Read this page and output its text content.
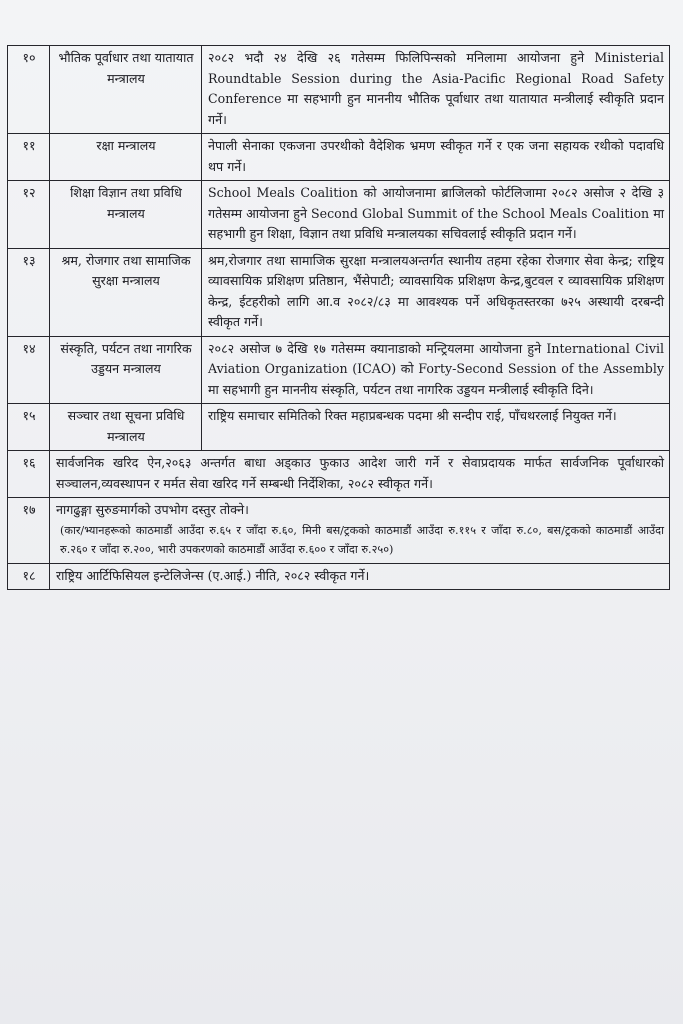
१०	भौतिक पूर्वाधार तथा यातायात मन्त्रालय	२०८२ भदौ २४ देखि २६ गतेसम्म फिलिपिन्सको मनिलामा आयोजना हुने Ministerial Roundtable Session during the Asia-Pacific Regional Road Safety Conference मा सहभागी हुन माननीय भौतिक पूर्वाधार तथा यातायात मन्त्रीलाई स्वीकृति प्रदान गर्ने।
११	रक्षा मन्त्रालय	नेपाली सेनाका एकजना उपरथीको वैदेशिक भ्रमण स्वीकृत गर्ने र एक जना सहायक रथीको पदावधि थप गर्ने।
१२	शिक्षा विज्ञान तथा प्रविधि मन्त्रालय	School Meals Coalition को आयोजनामा ब्राजिलको फोर्टलिजामा २०८२ असोज २ देखि ३ गतेसम्म आयोजना हुने Second Global Summit of the School Meals Coalition मा सहभागी हुन शिक्षा, विज्ञान तथा प्रविधि मन्त्रालयका सचिवलाई स्वीकृति प्रदान गर्ने।
१३	श्रम, रोजगार तथा सामाजिक सुरक्षा मन्त्रालय	श्रम,रोजगार तथा सामाजिक सुरक्षा मन्त्रालयअन्तर्गत स्थानीय तहमा रहेका रोजगार सेवा केन्द्र; राष्ट्रिय व्यावसायिक प्रशिक्षण प्रतिष्ठान, भैंसेपाटी; व्यावसायिक प्रशिक्षण केन्द्र,बुटवल र व्यावसायिक प्रशिक्षण केन्द्र, ईटहरीको लागि आ.व २०८२/८३ मा आवश्यक पर्ने अधिकृतस्तरका ७२५ अस्थायी दरबन्दी स्वीकृत गर्ने।
१४	संस्कृति, पर्यटन तथा नागरिक उड्डयन मन्त्रालय	२०८२ असोज ७ देखि १७ गतेसम्म क्यानाडाको मन्ट्रियलमा आयोजना हुने International Civil Aviation Organization (ICAO) को Forty-Second Session of the Assembly मा सहभागी हुन माननीय संस्कृति, पर्यटन तथा नागरिक उड्डयन मन्त्रीलाई स्वीकृति दिने।
१५	सञ्चार तथा सूचना प्रविधि मन्त्रालय	राष्ट्रिय समाचार समितिको रिक्त महाप्रबन्धक पदमा श्री सन्दीप राई, पाँचथरलाई नियुक्त गर्ने।
१६	सार्वजनिक खरिद ऐन,२०६३ अन्तर्गत बाधा अड्काउ फुकाउ आदेश जारी गर्ने र सेवाप्रदायक मार्फत सार्वजनिक पूर्वाधारको सञ्चालन,व्यवस्थापन र मर्मत सेवा खरिद गर्ने सम्बन्धी निर्देशिका, २०८२ स्वीकृत गर्ने।	
१७	नागढुङ्गा सुरुङमार्गको उपभोग दस्तुर तोक्ने।
(कार/भ्यानहरूको काठमाडौं आउँदा रु.६५ र जाँदा रु.६०, मिनी बस/ट्रकको काठमाडौं आउँदा रु.११५ र जाँदा रु.८०, बस/ट्रकको काठमाडौं आउँदा रु.२६० र जाँदा रु.२००, भारी उपकरणको काठमाडौं आउँदा रु.६०० र जाँदा रु.२५०)	

१८	राष्ट्रिय आर्टिफिसियल इन्टेलिजेन्स (ए.आई.) नीति, २०८२ स्वीकृत गर्ने।	
